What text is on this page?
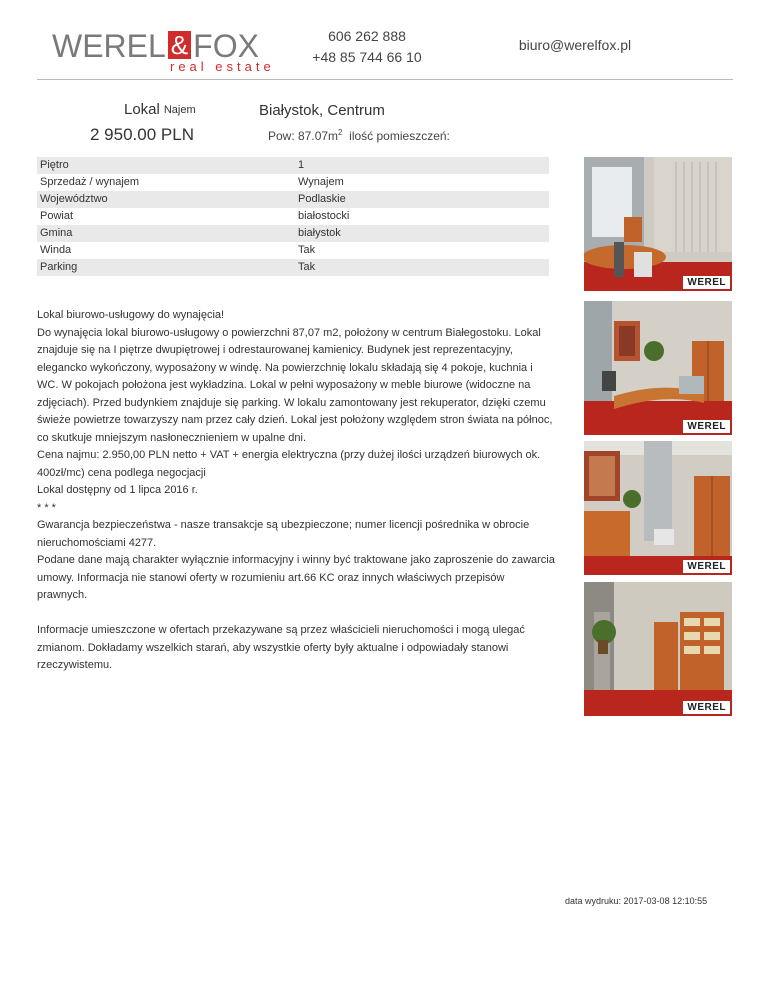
WEREL & FOX
real estate
606 262 888
+48 85 744 66 10
biuro@werelfox.pl
Lokal Najem
2 950.00 PLN
Białystok, Centrum
Pow: $87.07m^2$ ilość pomieszczeń:
Piętro	1
Sprzedaż / wynajem	Wynajem
Województwo	Podlaskie
Powiat	białostocki
Gmina	białystok
Winda	Tak
Parking	Tak

Lokal biurowo-usługowy do wynajęcia!

Do wynajęcia lokal biurowo-usługowy o powierzchni 87,07 m2, położony w centrum Białegostoku. Lokal znajduje się na I piętrze dwupiętrowej i odrestaurowanej kamienicy. Budynek jest reprezentacyjny, elegancko wykończony, wyposażony w windę. Na powierzchnię lokalu składają się 4 pokoje, kuchnia i WC. W pokojach położona jest wykładzina. Lokal w pełni wyposażony w meble biurowe (widoczne na zdjęciach). Przed budynkiem znajduje się parking. W lokalu zamontowany jest rekuperator, dzięki czemu świeże powietrze towarzyszy nam przez cały dzień. Lokal jest położony względem stron świata na północ, co skutkuje mniejszym nasłonecznieniem w upalne dni.

Cena najmu: 2.950,00 PLN netto + VAT + energia elektryczna (przy dużej ilości urządzeń biurowych ok. 400zł/mc) cena podlega negocjacji

Lokal dostępny od 1 lipca 2016 r.

* * *

Gwarancja bezpieczeństwa - nasze transakcje są ubezpieczone; numer licencji pośrednika w obrocie nieruchomościami 4277.

Podane dane mają charakter wyłącznie informacyjny i winny być traktowane jako zaproszenie do zawarcia umowy. Informacja nie stanowi oferty w rozumieniu art.66 KC oraz innych właściwych przepisów prawnych.

Informacje umieszczone w ofertach przekazywane są przez właścicieli nieruchomości i mogą ulegać zmianom. Dokładamy wszelkich starań, aby wszystkie oferty były aktualne i odpowiadały stanowi rzeczywistemu.

WEREL
WEREL
WEREL
WEREL
data wydruku: 2017-03-08 12:10:55
